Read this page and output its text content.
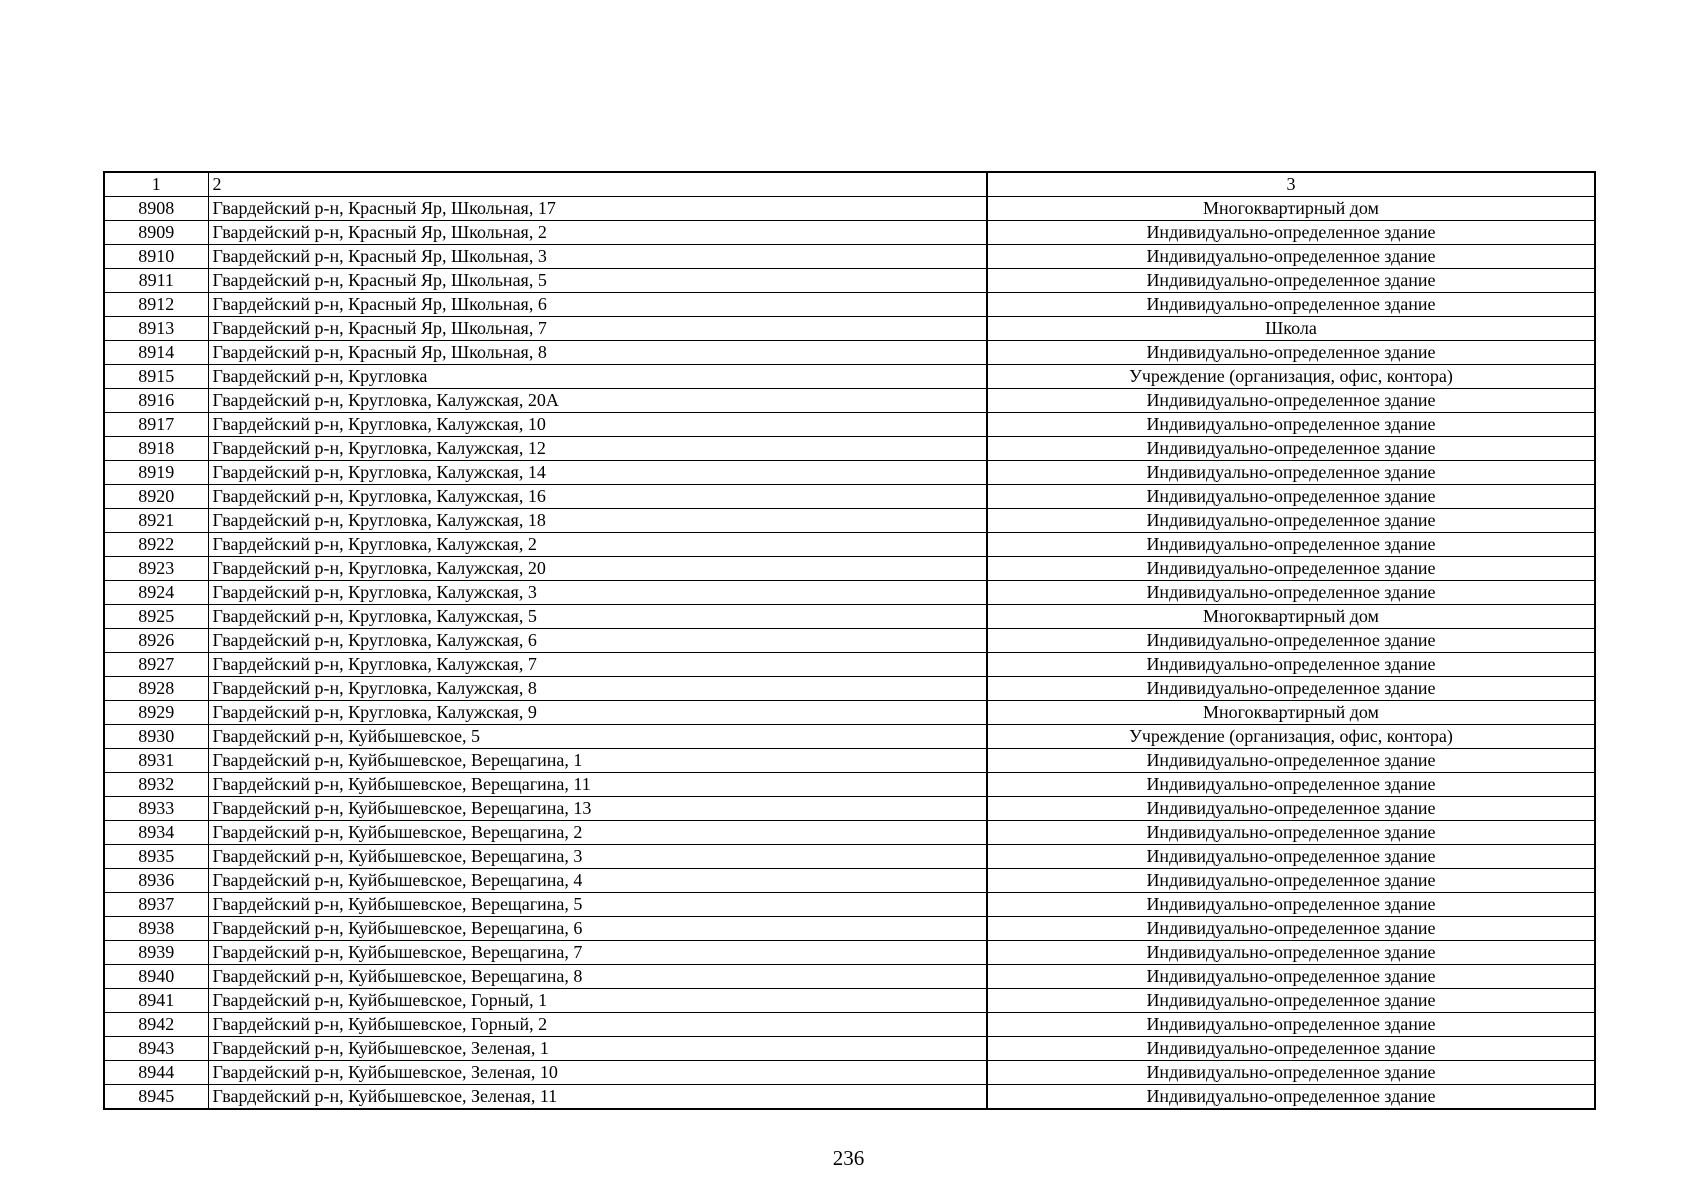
1	2	3
8908	Гвардейский р-н, Красный Яр, Школьная, 17	Многоквартирный дом
8909	Гвардейский р-н, Красный Яр, Школьная, 2	Индивидуально-определенное здание
8910	Гвардейский р-н, Красный Яр, Школьная, 3	Индивидуально-определенное здание
8911	Гвардейский р-н, Красный Яр, Школьная, 5	Индивидуально-определенное здание
8912	Гвардейский р-н, Красный Яр, Школьная, 6	Индивидуально-определенное здание
8913	Гвардейский р-н, Красный Яр, Школьная, 7	Школа
8914	Гвардейский р-н, Красный Яр, Школьная, 8	Индивидуально-определенное здание
8915	Гвардейский р-н, Кругловка	Учреждение (организация, офис, контора)
8916	Гвардейский р-н, Кругловка, Калужская, 20А	Индивидуально-определенное здание
8917	Гвардейский р-н, Кругловка, Калужская, 10	Индивидуально-определенное здание
8918	Гвардейский р-н, Кругловка, Калужская, 12	Индивидуально-определенное здание
8919	Гвардейский р-н, Кругловка, Калужская, 14	Индивидуально-определенное здание
8920	Гвардейский р-н, Кругловка, Калужская, 16	Индивидуально-определенное здание
8921	Гвардейский р-н, Кругловка, Калужская, 18	Индивидуально-определенное здание
8922	Гвардейский р-н, Кругловка, Калужская, 2	Индивидуально-определенное здание
8923	Гвардейский р-н, Кругловка, Калужская, 20	Индивидуально-определенное здание
8924	Гвардейский р-н, Кругловка, Калужская, 3	Индивидуально-определенное здание
8925	Гвардейский р-н, Кругловка, Калужская, 5	Многоквартирный дом
8926	Гвардейский р-н, Кругловка, Калужская, 6	Индивидуально-определенное здание
8927	Гвардейский р-н, Кругловка, Калужская, 7	Индивидуально-определенное здание
8928	Гвардейский р-н, Кругловка, Калужская, 8	Индивидуально-определенное здание
8929	Гвардейский р-н, Кругловка, Калужская, 9	Многоквартирный дом
8930	Гвардейский р-н, Куйбышевское, 5	Учреждение (организация, офис, контора)
8931	Гвардейский р-н, Куйбышевское, Верещагина, 1	Индивидуально-определенное здание
8932	Гвардейский р-н, Куйбышевское, Верещагина, 11	Индивидуально-определенное здание
8933	Гвардейский р-н, Куйбышевское, Верещагина, 13	Индивидуально-определенное здание
8934	Гвардейский р-н, Куйбышевское, Верещагина, 2	Индивидуально-определенное здание
8935	Гвардейский р-н, Куйбышевское, Верещагина, 3	Индивидуально-определенное здание
8936	Гвардейский р-н, Куйбышевское, Верещагина, 4	Индивидуально-определенное здание
8937	Гвардейский р-н, Куйбышевское, Верещагина, 5	Индивидуально-определенное здание
8938	Гвардейский р-н, Куйбышевское, Верещагина, 6	Индивидуально-определенное здание
8939	Гвардейский р-н, Куйбышевское, Верещагина, 7	Индивидуально-определенное здание
8940	Гвардейский р-н, Куйбышевское, Верещагина, 8	Индивидуально-определенное здание
8941	Гвардейский р-н, Куйбышевское, Горный, 1	Индивидуально-определенное здание
8942	Гвардейский р-н, Куйбышевское, Горный, 2	Индивидуально-определенное здание
8943	Гвардейский р-н, Куйбышевское, Зеленая, 1	Индивидуально-определенное здание
8944	Гвардейский р-н, Куйбышевское, Зеленая, 10	Индивидуально-определенное здание
8945	Гвардейский р-н, Куйбышевское, Зеленая, 11	Индивидуально-определенное здание
236
